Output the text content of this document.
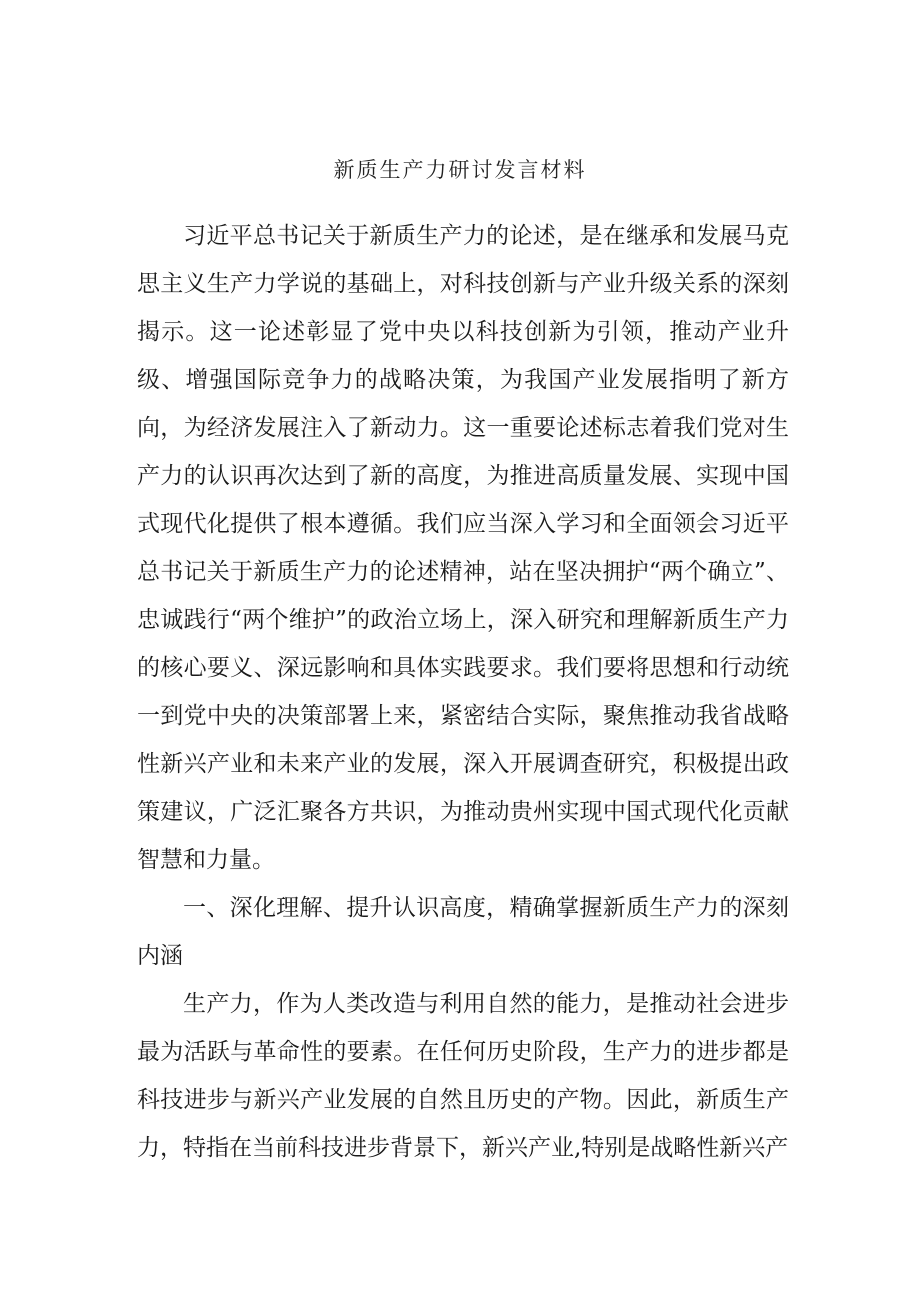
新质生产力研讨发言材料

习近平总书记关于新质生产力的论述，是在继承和发展马克思主义生产力学说的基础上，对科技创新与产业升级关系的深刻揭示。这一论述彰显了党中央以科技创新为引领，推动产业升级、增强国际竞争力的战略决策，为我国产业发展指明了新方向，为经济发展注入了新动力。这一重要论述标志着我们党对生产力的认识再次达到了新的高度，为推进高质量发展、实现中国式现代化提供了根本遵循。我们应当深入学习和全面领会习近平总书记关于新质生产力的论述精神，站在坚决拥护“两个确立”、忠诚践行“两个维护”的政治立场上，深入研究和理解新质生产力的核心要义、深远影响和具体实践要求。我们要将思想和行动统一到党中央的决策部署上来，紧密结合实际，聚焦推动我省战略性新兴产业和未来产业的发展，深入开展调查研究，积极提出政策建议，广泛汇聚各方共识，为推动贵州实现中国式现代化贡献智慧和力量。

一、深化理解、提升认识高度，精确掌握新质生产力的深刻内涵

生产力，作为人类改造与利用自然的能力，是推动社会进步最为活跃与革命性的要素。在任何历史阶段，生产力的进步都是科技进步与新兴产业发展的自然且历史的产物。因此，新质生产力，特指在当前科技进步背景下，新兴产业,特别是战略性新兴产
